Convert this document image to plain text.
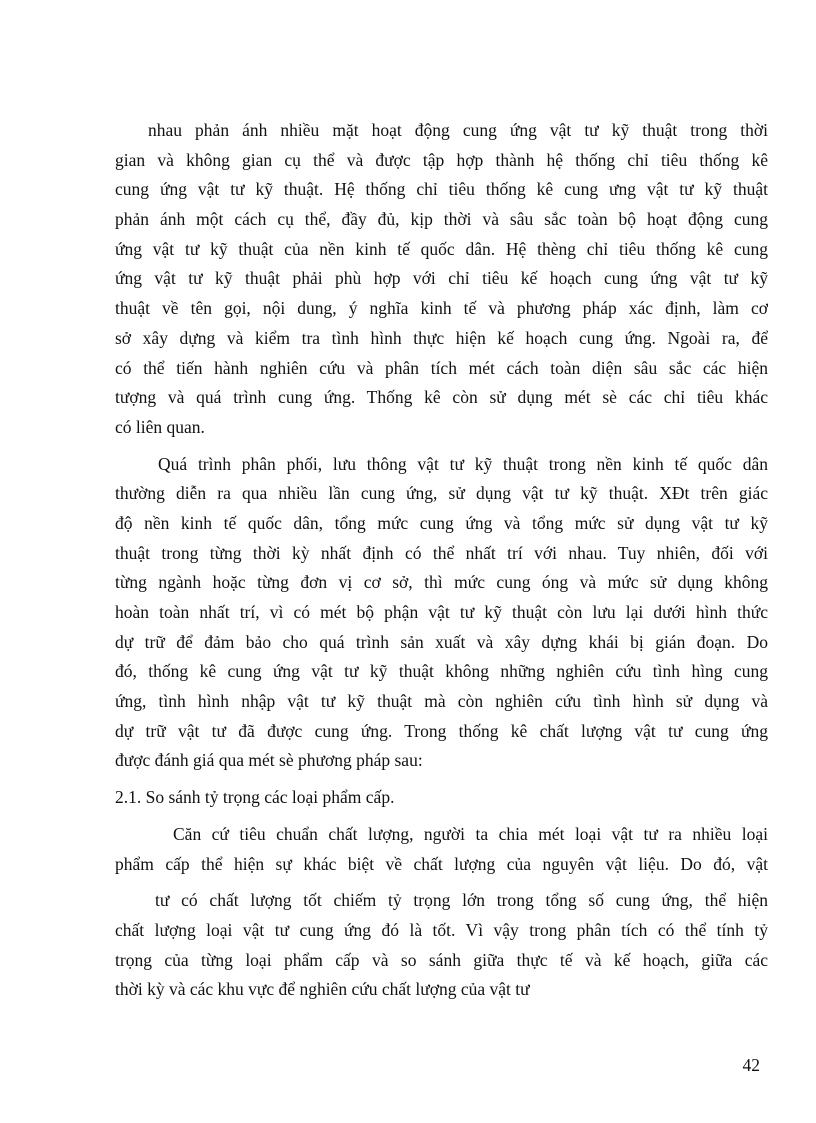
nhau phản ánh nhiều mặt hoạt động cung ứng vật tư kỹ thuật trong thời
gian và không gian cụ thể và được tập hợp thành hệ thống chỉ tiêu thống kê
cung ứng vật tư kỹ thuật. Hệ thống chỉ tiêu thống kê cung ưng vật tư kỹ thuật
phản ánh một cách cụ thể, đầy đủ, kịp thời và sâu sắc toàn bộ hoạt động cung
ứng vật tư kỹ thuật của nền kinh tế quốc dân. Hệ thèng chỉ tiêu thống kê cung
ứng vật tư kỹ thuật phải phù hợp với chỉ tiêu kế hoạch cung ứng vật tư kỹ
thuật về tên gọi, nội dung, ý nghĩa kinh tế và phương pháp xác định, làm cơ
sở xây dựng và kiểm tra tình hình thực hiện kế hoạch cung ứng. Ngoài ra, để
có thể tiến hành nghiên cứu và phân tích mét cách toàn diện sâu sắc các hiện
tượng và quá trình cung ứng. Thống kê còn sử dụng mét sè các chỉ tiêu khác
có liên quan.
Quá trình phân phối, lưu thông vật tư kỹ thuật trong nền kinh tế quốc dân
thường diễn ra qua nhiều lần cung ứng, sử dụng vật tư kỹ thuật. XĐt trên giác
độ nền kinh tế quốc dân, tổng mức cung ứng và tổng mức sử dụng vật tư kỹ
thuật trong từng thời kỳ nhất định có thể nhất trí với nhau. Tuy nhiên, đối với
từng ngành hoặc từng đơn vị cơ sở, thì mức cung óng và mức sử dụng không
hoàn toàn nhất trí, vì có mét bộ phận vật tư kỹ thuật còn lưu lại dưới hình thức
dự trữ để đảm bảo cho quá trình sản xuất và xây dựng khái bị gián đoạn. Do
đó, thống kê cung ứng vật tư kỹ thuật không những nghiên cứu tình hìng cung
ứng, tình hình nhập vật tư kỹ thuật mà còn nghiên cứu tình hình sử dụng và
dự trữ vật tư đã được cung ứng. Trong thống kê chất lượng vật tư cung ứng
được đánh giá qua mét sè phương pháp sau:
2.1. So sánh tỷ trọng các loại phẩm cấp.
Căn cứ tiêu chuẩn chất lượng, người ta chia mét loại vật tư ra nhiều loại
phẩm cấp thể hiện sự khác biệt về chất lượng của nguyên vật liệu. Do đó, vật
tư có chất lượng tốt chiếm tỷ trọng lớn trong tổng số cung ứng, thể hiện
chất lượng loại vật tư cung ứng đó là tốt. Vì vậy trong phân tích có thể tính tỷ
trọng của từng loại phẩm cấp và so sánh giữa thực tế và kế hoạch, giữa các
thời kỳ và các khu vực để nghiên cứu chất lượng của vật tư
42
